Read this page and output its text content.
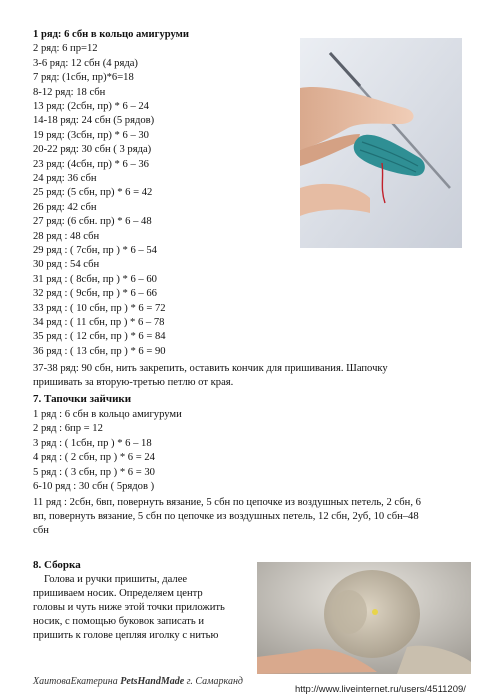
1 ряд: 6 сбн в кольцо амигуруми
2 ряд: 6 пр=12
3-6 ряд: 12 сбн (4 ряда)
7 ряд: (1сбн, пр)*6=18
8-12 ряд: 18 сбн
13 ряд: (2сбн, пр) * 6 – 24
14-18 ряд: 24 сбн (5 рядов)
19 ряд: (3сбн, пр) * 6 – 30
20-22 ряд: 30 сбн ( 3 ряда)
23 ряд: (4сбн, пр) * 6 – 36
24 ряд: 36 сбн
25 ряд: (5 сбн, пр) * 6 = 42
26 ряд: 42 сбн
27 ряд: (6 сбн. пр) * 6 – 48
28 ряд : 48 сбн
29 ряд : ( 7сбн, пр ) * 6 – 54
30 ряд : 54 сбн
31 ряд : ( 8сбн, пр ) * 6 – 60
32 ряд : ( 9сбн, пр ) * 6 – 66
33 ряд : ( 10 сбн, пр ) * 6 = 72
34 ряд : ( 11 сбн, пр ) * 6 – 78
35 ряд : ( 12 сбн, пр ) * 6 = 84
36 ряд : ( 13 сбн, пр ) * 6 = 90
37-38 ряд: 90 сбн, нить закрепить, оставить кончик для пришивания. Шапочку
пришивать за вторую-третью петлю от края.
7. Тапочки зайчики
1 ряд : 6 сбн в кольцо амигуруми
2 ряд : 6пр = 12
3 ряд : ( 1сбн, пр ) * 6 – 18
4 ряд : ( 2 сбн, пр ) * 6 = 24
5 ряд : ( 3 сбн, пр ) * 6 = 30
6-10 ряд : 30 сбн ( 5рядов )
11 ряд : 2сбн, 6вп, повернуть вязание, 5 сбн по цепочке из воздушных петель, 2 сбн, 6
вп, повернуть вязание, 5 сбн по цепочке из воздушных петель, 12 сбн, 2уб, 10 сбн–48
сбн
8. Сборка
Голова и ручки пришиты, далее
пришиваем носик. Определяем центр
головы и чуть ниже этой точки приложить
носик, с помощью буковок записать и
пришить к голове цепляя иголку с нитью
ХаитоваЕкатерина PetsHandMade г. Самарканд
http://www.liveinternet.ru/users/4511209/
